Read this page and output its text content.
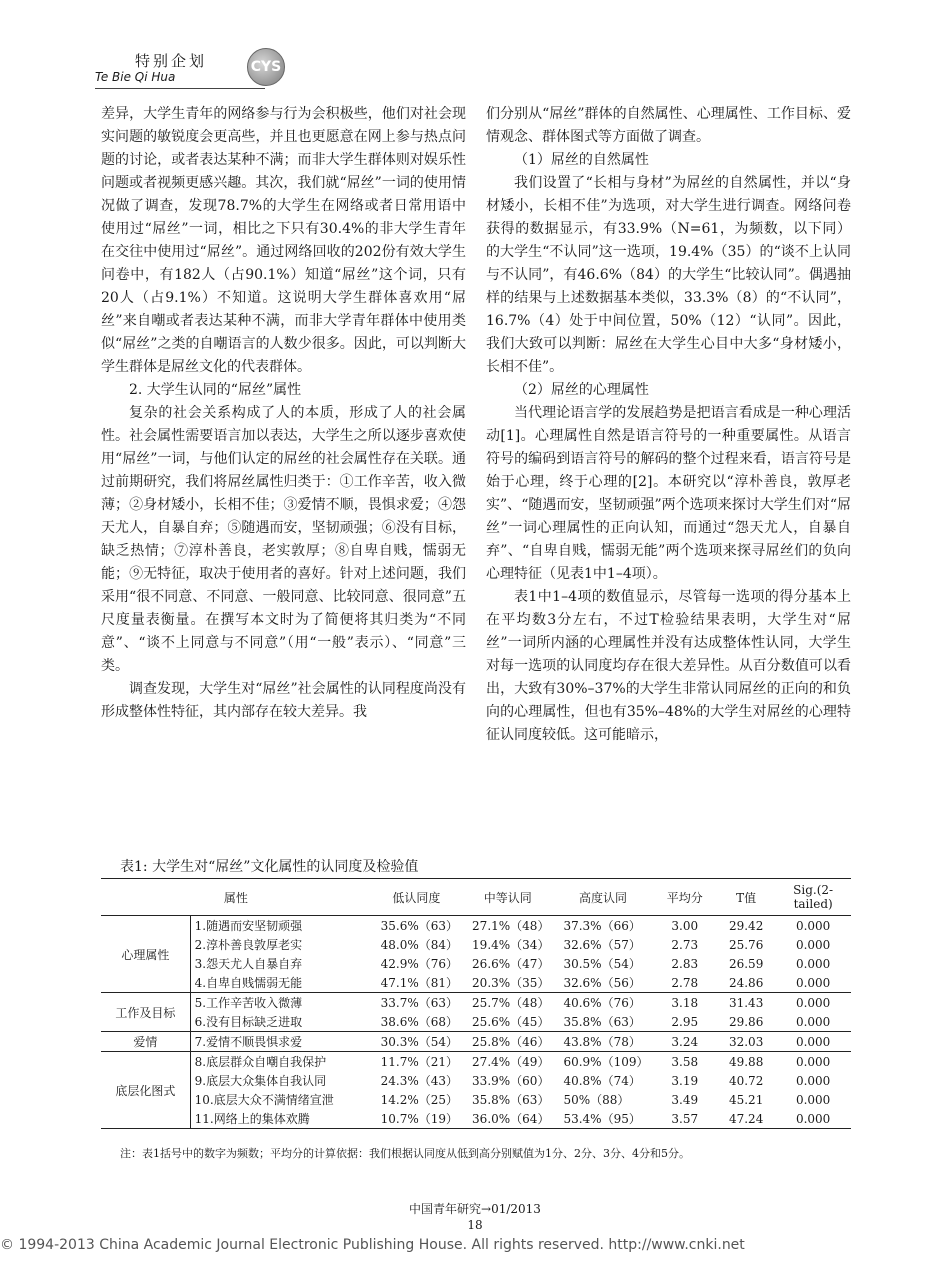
特别企划
Te Bie Qi Hua
CYS

差异，大学生青年的网络参与行为会积极些，他们对社会现实问题的敏锐度会更高些，并且也更愿意在网上参与热点问题的讨论，或者表达某种不满；而非大学生群体则对娱乐性问题或者视频更感兴趣。其次，我们就“屌丝”一词的使用情况做了调查，发现78.7%的大学生在网络或者日常用语中使用过“屌丝”一词，相比之下只有30.4%的非大学生青年在交往中使用过“屌丝”。通过网络回收的202份有效大学生问卷中，有182人（占90.1%）知道“屌丝”这个词，只有20人（占9.1%）不知道。这说明大学生群体喜欢用“屌丝”来自嘲或者表达某种不满，而非大学青年群体中使用类似“屌丝”之类的自嘲语言的人数少很多。因此，可以判断大学生群体是屌丝文化的代表群体。

2. 大学生认同的“屌丝”属性

复杂的社会关系构成了人的本质，形成了人的社会属性。社会属性需要语言加以表达，大学生之所以逐步喜欢使用“屌丝”一词，与他们认定的屌丝的社会属性存在关联。通过前期研究，我们将屌丝属性归类于：①工作辛苦，收入微薄；②身材矮小，长相不佳；③爱情不顺，畏惧求爱；④怨天尤人，自暴自弃；⑤随遇而安，坚韧顽强；⑥没有目标，缺乏热情；⑦淳朴善良，老实敦厚；⑧自卑自贱，懦弱无能；⑨无特征，取决于使用者的喜好。针对上述问题，我们采用“很不同意、不同意、一般同意、比较同意、很同意”五尺度量表衡量。在撰写本文时为了简便将其归类为“不同意”、“谈不上同意与不同意”（用“一般”表示）、“同意”三类。

调查发现，大学生对“屌丝”社会属性的认同程度尚没有形成整体性特征，其内部存在较大差异。我

们分别从“屌丝”群体的自然属性、心理属性、工作目标、爱情观念、群体图式等方面做了调查。

（1）屌丝的自然属性

我们设置了“长相与身材”为屌丝的自然属性，并以“身材矮小，长相不佳”为选项，对大学生进行调查。网络问卷获得的数据显示，有33.9%（N=61，为频数，以下同）的大学生“不认同”这一选项，19.4%（35）的“谈不上认同与不认同”，有46.6%（84）的大学生“比较认同”。偶遇抽样的结果与上述数据基本类似，33.3%（8）的“不认同”，16.7%（4）处于中间位置，50%（12）“认同”。因此，我们大致可以判断：屌丝在大学生心目中大多“身材矮小，长相不佳”。

（2）屌丝的心理属性

当代理论语言学的发展趋势是把语言看成是一种心理活动[1]。心理属性自然是语言符号的一种重要属性。从语言符号的编码到语言符号的解码的整个过程来看，语言符号是始于心理，终于心理的[2]。本研究以“淳朴善良，敦厚老实”、“随遇而安，坚韧顽强”两个选项来探讨大学生们对“屌丝”一词心理属性的正向认知，而通过“怨天尤人，自暴自弃”、“自卑自贱，懦弱无能”两个选项来探寻屌丝们的负向心理特征（见表1中1–4项）。

表1中1–4项的数值显示，尽管每一选项的得分基本上在平均数3分左右，不过T检验结果表明，大学生对“屌丝”一词所内涵的心理属性并没有达成整体性认同，大学生对每一选项的认同度均存在很大差异性。从百分数值可以看出，大致有30%–37%的大学生非常认同屌丝的正向的和负向的心理属性，但也有35%–48%的大学生对屌丝的心理特征认同度较低。这可能暗示，

表1: 大学生对“屌丝”文化属性的认同度及检验值
属性		低认同度	中等认同	高度认同	平均分	T值	Sig.(2-tailed)
心理属性	1.随遇而安坚韧顽强	35.6%（63）	27.1%（48）	37.3%（66）	3.00	29.42	0.000
	2.淳朴善良敦厚老实	48.0%（84）	19.4%（34）	32.6%（57）	2.73	25.76	0.000
	3.怨天尤人自暴自弃	42.9%（76）	26.6%（47）	30.5%（54）	2.83	26.59	0.000
	4.自卑自贱懦弱无能	47.1%（81）	20.3%（35）	32.6%（56）	2.78	24.86	0.000
工作及目标	5.工作辛苦收入微薄	33.7%（63）	25.7%（48）	40.6%（76）	3.18	31.43	0.000
	6.没有目标缺乏进取	38.6%（68）	25.6%（45）	35.8%（63）	2.95	29.86	0.000
爱情	7.爱情不顺畏惧求爱	30.3%（54）	25.8%（46）	43.8%（78）	3.24	32.03	0.000
底层化图式	8.底层群众自嘲自我保护	11.7%（21）	27.4%（49）	60.9%（109）	3.58	49.88	0.000
	9.底层大众集体自我认同	24.3%（43）	33.9%（60）	40.8%（74）	3.19	40.72	0.000
	10.底层大众不满情绪宣泄	14.2%（25）	35.8%（63）	50%（88）	3.49	45.21	0.000
	11.网络上的集体欢腾	10.7%（19）	36.0%（64）	53.4%（95）	3.57	47.24	0.000
注：表1括号中的数字为频数；平均分的计算依据：我们根据认同度从低到高分别赋值为1分、2分、3分、4分和5分。
中国青年研究→01/2013
18
© 1994-2013 China Academic Journal Electronic Publishing House. All rights reserved. http://www.cnki.net
